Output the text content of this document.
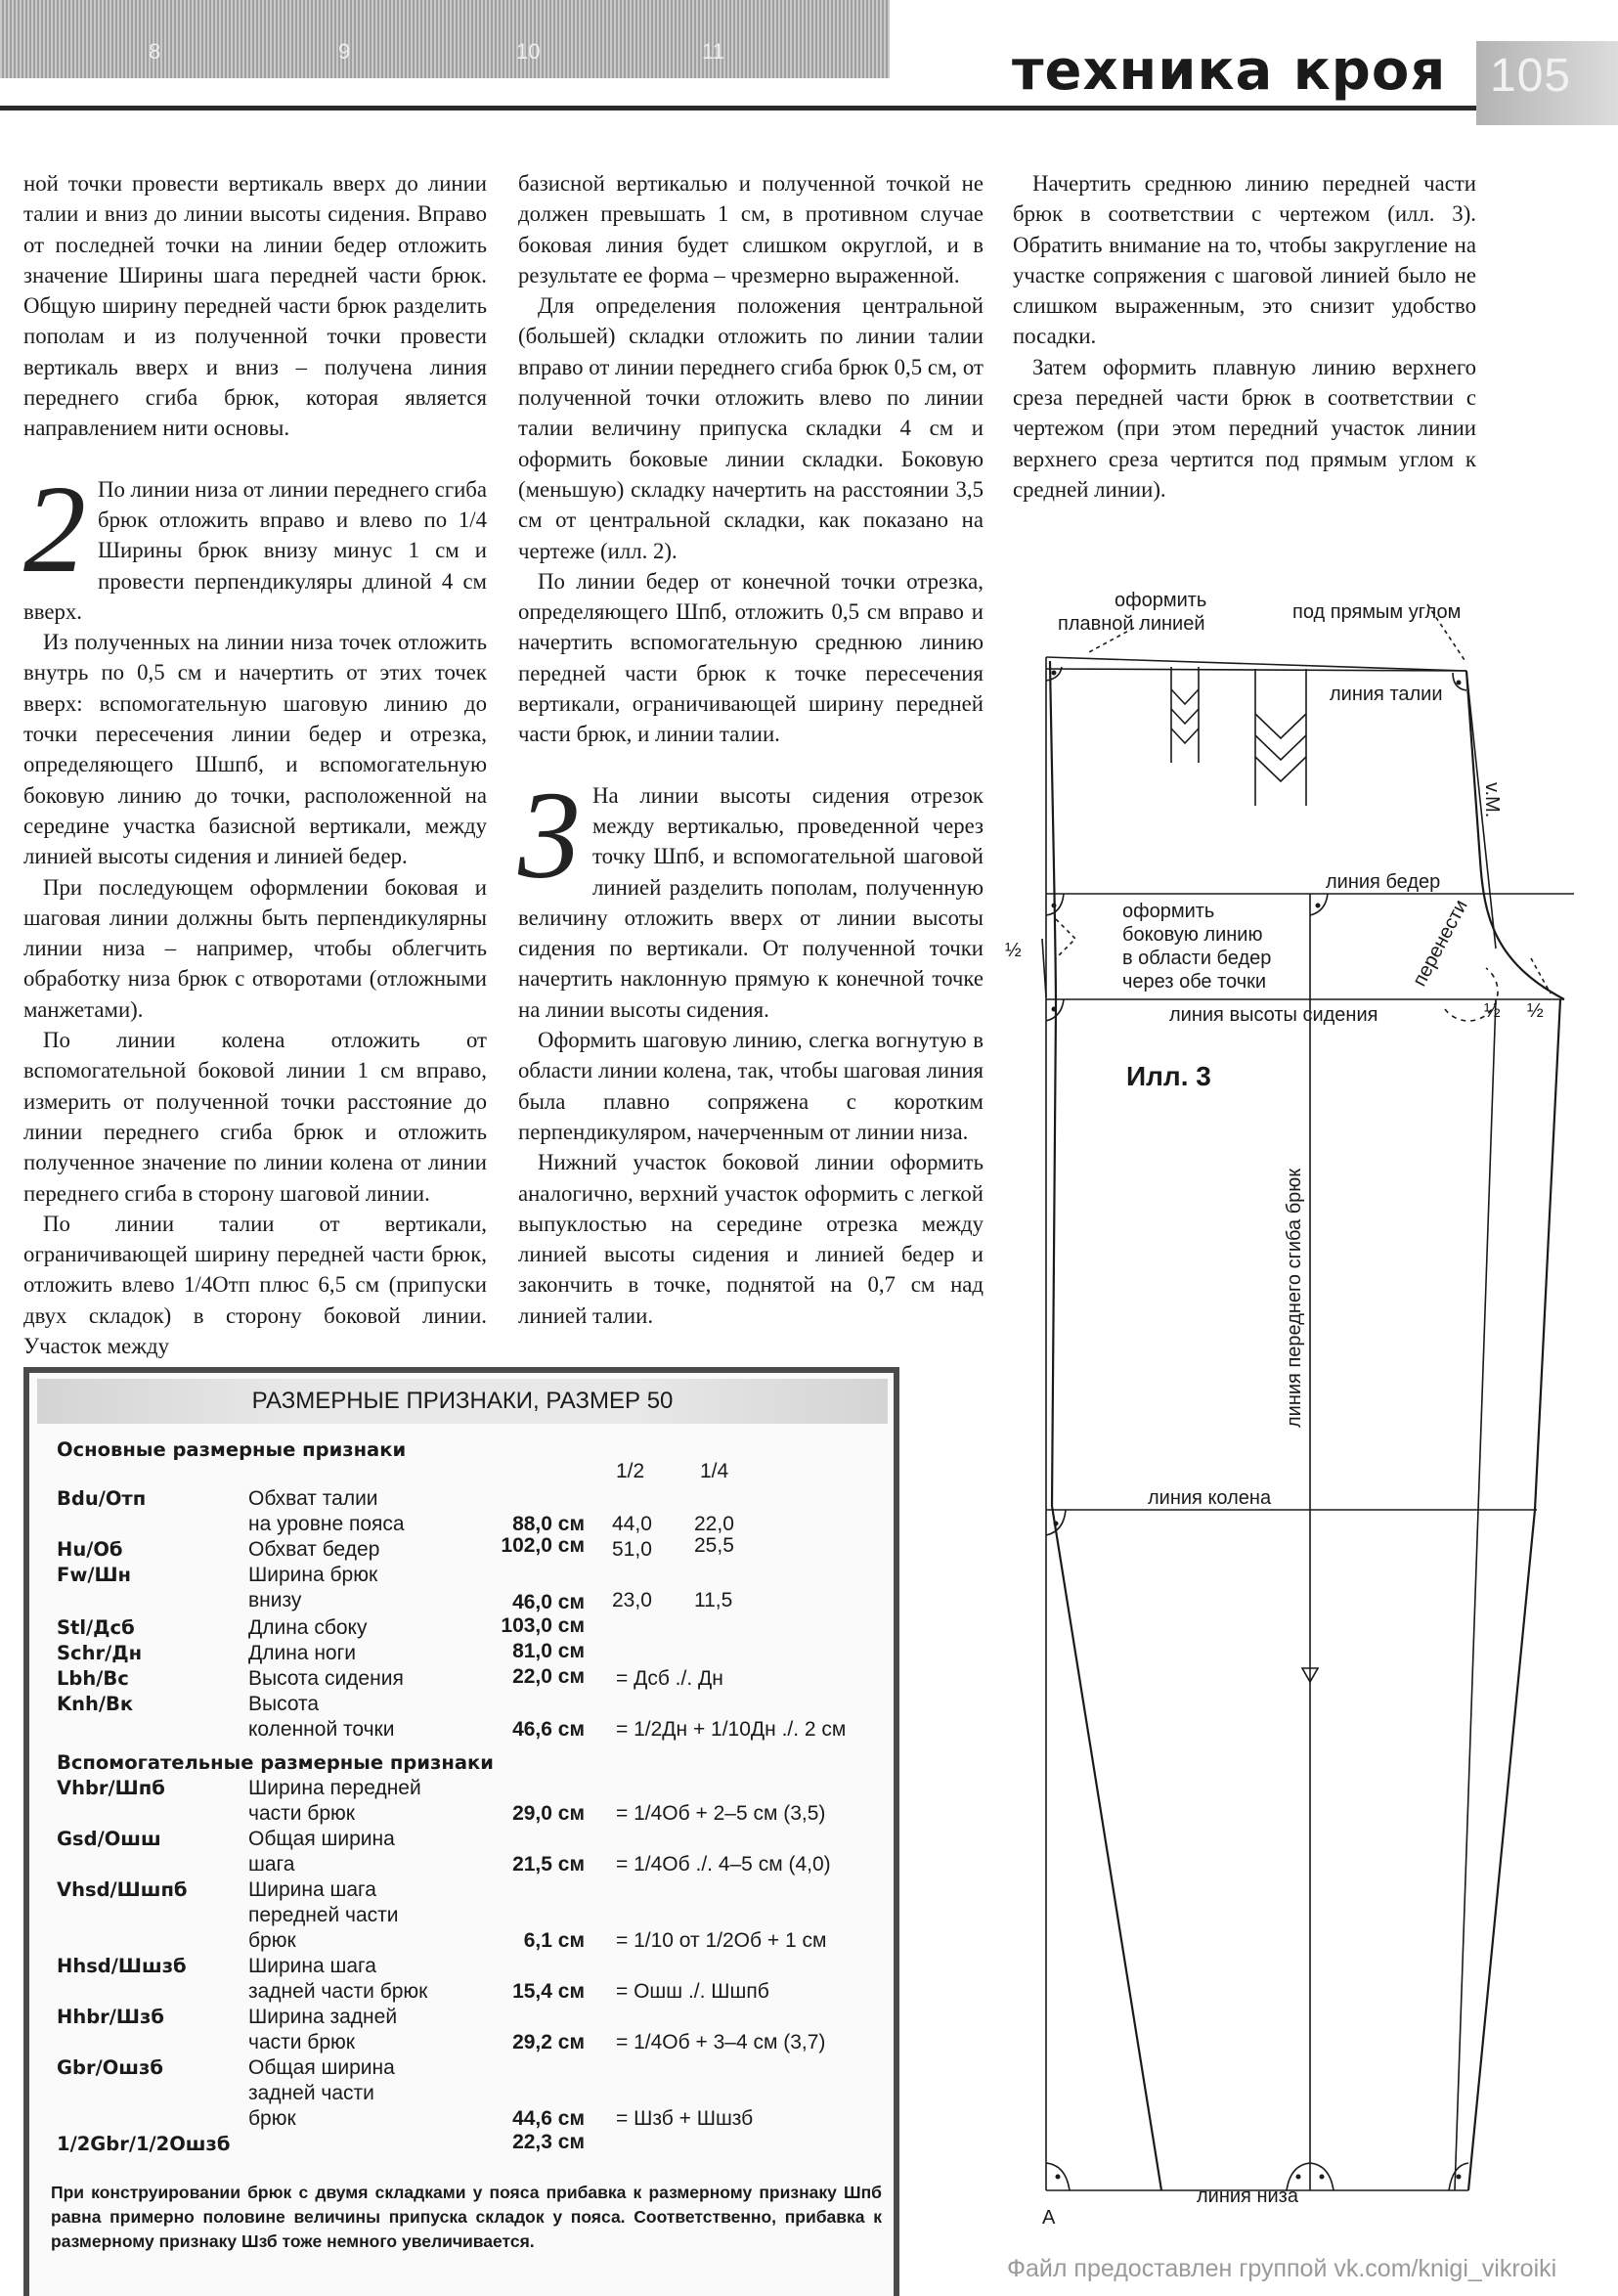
8	9	10	11	техника кроя 105

ной точки провести вертикаль вверх до линии талии и вниз до линии высоты сидения. Вправо от последней точки на линии бедер отложить значение Ширины шага передней части брюк. Общую ширину передней части брюк разделить пополам и из полученной точки провести вертикаль вверх и вниз – получена линия переднего сгиба брюк, которая является направлением нити основы.

2 По линии низа от линии переднего сгиба брюк отложить вправо и влево по 1/4 Ширины брюк внизу минус 1 см и провести перпендикуляры длиной 4 см вверх.

Из полученных на линии низа точек отложить внутрь по 0,5 см и начертить от этих точек вверх: вспомогательную шаговую линию до точки пересечения линии бедер и отрезка, определяющего Шшпб, и вспомогательную боковую линию до точки, расположенной на середине участка базисной вертикали, между линией высоты сидения и линией бедер.

При последующем оформлении боковая и шаговая линии должны быть перпендикулярны линии низа – например, чтобы облегчить обработку низа брюк с отворотами (отложными манжетами).

По линии колена отложить от вспомогательной боковой линии 1 см вправо, измерить от полученной точки расстояние до линии переднего сгиба брюк и отложить полученное значение по линии колена от линии переднего сгиба в сторону шаговой линии.

По линии талии от вертикали, ограничивающей ширину передней части брюк, отложить влево 1/4Отп плюс 6,5 см (припуски двух складок) в сторону боковой линии. Участок между

базисной вертикалью и полученной точкой не должен превышать 1 см, в противном случае боковая линия будет слишком округлой, и в результате ее форма – чрезмерно выраженной.

Для определения положения центральной (большей) складки отложить по линии талии вправо от линии переднего сгиба брюк 0,5 см, от полученной точки отложить влево по линии талии величину припуска складки 4 см и оформить боковые линии складки. Боковую (меньшую) складку начертить на расстоянии 3,5 см от центральной складки, как показано на чертеже (илл. 2).

По линии бедер от конечной точки отрезка, определяющего Шпб, отложить 0,5 см вправо и начертить вспомогательную среднюю линию передней части брюк к точке пересечения вертикали, ограничивающей ширину передней части брюк, и линии талии.

3 На линии высоты сидения отрезок между вертикалью, проведенной через точку Шпб, и вспомогательной шаговой линией разделить пополам, полученную величину отложить вверх от линии высоты сидения по вертикали. От полученной точки начертить наклонную прямую к конечной точке на линии высоты сидения.

Оформить шаговую линию, слегка вогнутую в области линии колена, так, чтобы шаговая линия была плавно сопряжена с коротким перпендикуляром, начерченным от линии низа.

Нижний участок боковой линии оформить аналогично, верхний участок оформить с легкой выпуклостью на середине отрезка между линией высоты сидения и линией бедер и закончить в точке, поднятой на 0,7 см над линией талии.

Начертить среднюю линию передней части брюк в соответствии с чертежом (илл. 3). Обратить внимание на то, чтобы закругление на участке сопряжения с шаговой линией было не слишком выраженным, это снизит удобство посадки.

Затем оформить плавную линию верхнего среза передней части брюк в соответствии с чертежом (при этом передний участок линии верхнего среза чертится под прямым углом к средней линии).

РАЗМЕРНЫЕ ПРИЗНАКИ, РАЗМЕР 50
Основные размерные признаки
1/2	1/4
Bdu/Отп	Обхват талии
на уровне пояса	88,0 см 44,0 22,0
Hu/Об	Обхват бедер	102,0 см 51,0 25,5
Fw/Шн	Ширина брюк
внизу	46,0 см 23,0 11,5
Stl/Дсб	Длина сбоку	103,0 см
Schr/Дн	Длина ноги	81,0 см
Lbh/Вс	Высота сидения	22,0 см = Дсб ./. Дн
Knh/Вк	Высота
коленной точки	46,6 см = 1/2Дн + 1/10Дн ./. 2 см
Вспомогательные размерные признаки
Vhbr/Шпб	Ширина передней
части брюк	29,0 см = 1/4Об + 2–5 см (3,5)
Gsd/Ошш	Общая ширина
шага	21,5 см = 1/4Об ./. 4–5 см (4,0)
Vhsd/Шшпб	Ширина шага
передней части
брюк	6,1 см = 1/10 от 1/2Об + 1 см
Hhsd/Шшзб	Ширина шага
задней части брюк	15,4 см = Ошш ./. Шшпб
Hhbr/Шзб	Ширина задней
части брюк	29,2 см = 1/4Об + 3–4 см (3,7)
Gbr/Ошзб	Общая ширина
задней части
брюк	44,6 см = Шзб + Шшзб
1/2Gbr/1/2Ошзб	22,3 см
При конструировании брюк с двумя складками у пояса прибавка к размерному признаку Шпб равна примерно половине величины припуска складок у пояса. Соответственно, прибавка к размерному признаку Шзб тоже немного увеличивается.
оформить
плавной линией
под прямым углом
линия талии
v.M.
линия бедер
оформить
боковую линию
в области бедер
через обе точки	перенести
½
½ ½
линия высоты сидения
Илл. 3
линия переднего сгиба брюк
линия колена
линия низа
A
Файл предоставлен группой vk.com/knigi_vikroiki
